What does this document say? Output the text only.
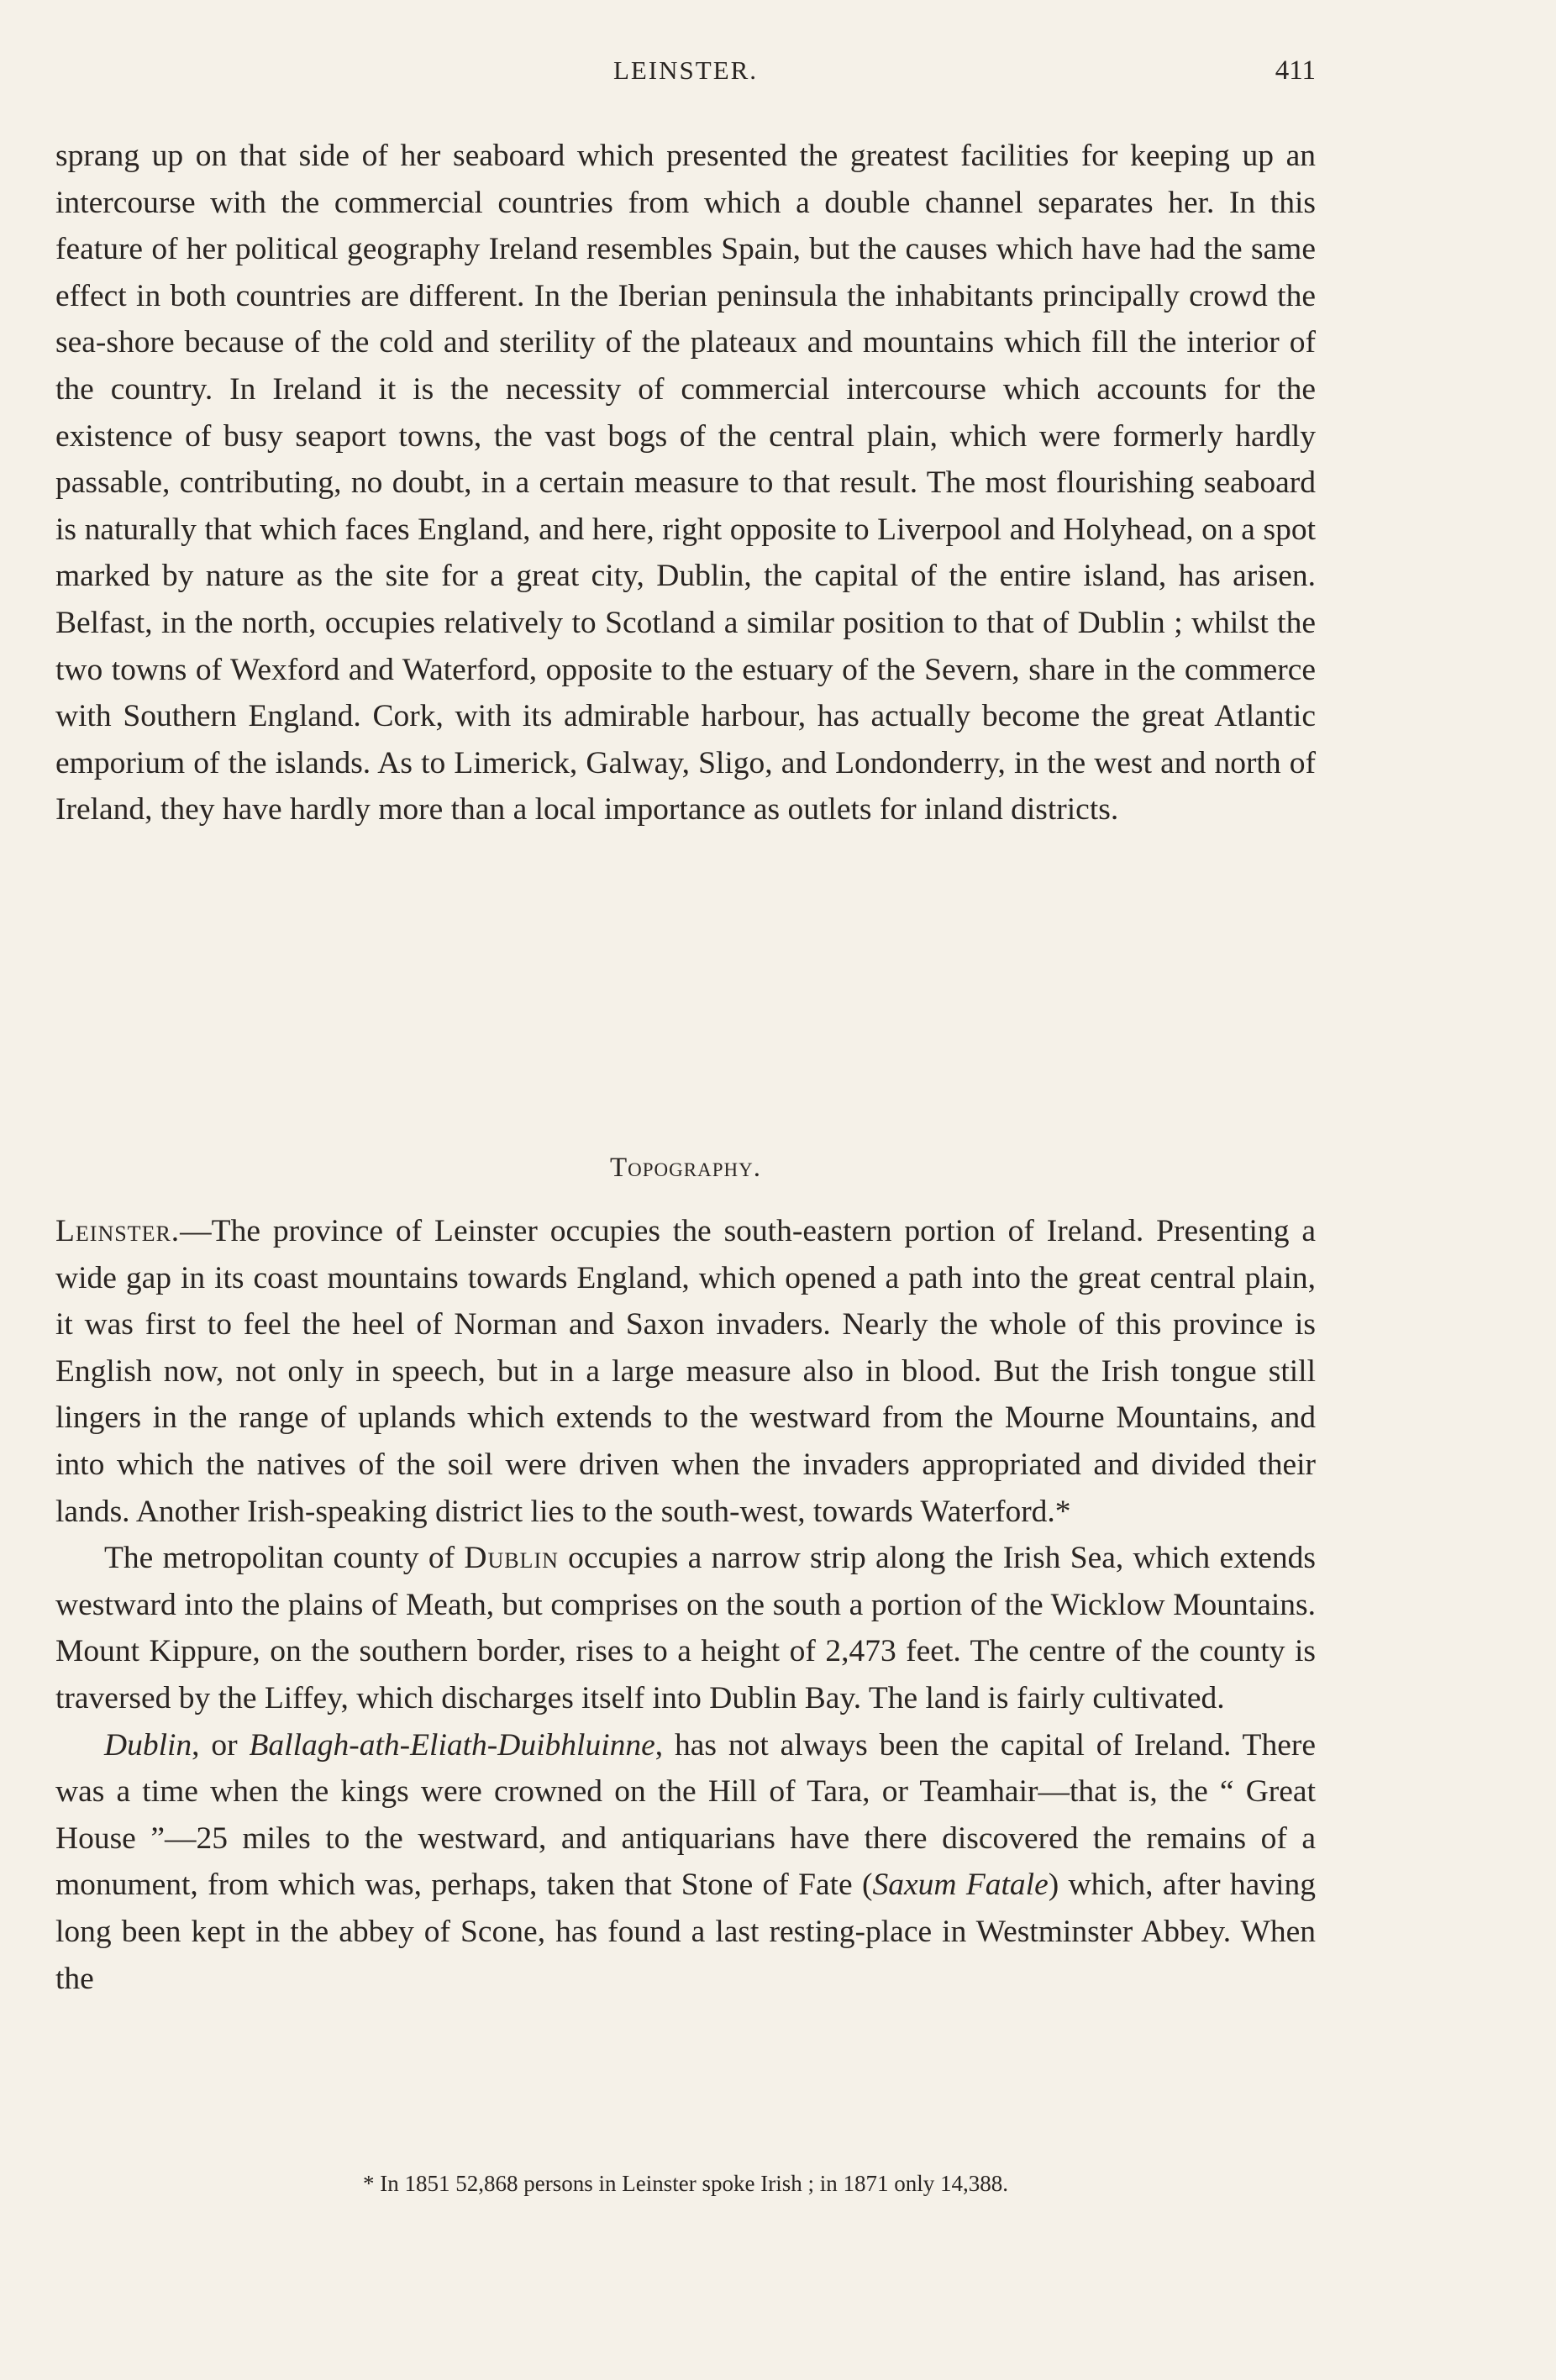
LEINSTER.	411

sprang up on that side of her seaboard which presented the greatest facilities for keeping up an intercourse with the commercial countries from which a double channel separates her. In this feature of her political geography Ireland resembles Spain, but the causes which have had the same effect in both countries are different. In the Iberian peninsula the inhabitants principally crowd the sea-shore because of the cold and sterility of the plateaux and mountains which fill the interior of the country. In Ireland it is the necessity of commercial intercourse which accounts for the existence of busy seaport towns, the vast bogs of the central plain, which were formerly hardly passable, contributing, no doubt, in a certain measure to that result. The most flourishing seaboard is naturally that which faces England, and here, right opposite to Liverpool and Holyhead, on a spot marked by nature as the site for a great city, Dublin, the capital of the entire island, has arisen. Belfast, in the north, occupies relatively to Scotland a similar position to that of Dublin ; whilst the two towns of Wexford and Waterford, opposite to the estuary of the Severn, share in the commerce with Southern England. Cork, with its admirable harbour, has actually become the great Atlantic emporium of the islands. As to Limerick, Galway, Sligo, and Londonderry, in the west and north of Ireland, they have hardly more than a local importance as outlets for inland districts.

Topography.

Leinster.—The province of Leinster occupies the south-eastern portion of Ireland. Presenting a wide gap in its coast mountains towards England, which opened a path into the great central plain, it was first to feel the heel of Norman and Saxon invaders. Nearly the whole of this province is English now, not only in speech, but in a large measure also in blood. But the Irish tongue still lingers in the range of uplands which extends to the westward from the Mourne Mountains, and into which the natives of the soil were driven when the invaders appropriated and divided their lands. Another Irish-speaking district lies to the south-west, towards Waterford.*

The metropolitan county of Dublin occupies a narrow strip along the Irish Sea, which extends westward into the plains of Meath, but comprises on the south a portion of the Wicklow Mountains. Mount Kippure, on the southern border, rises to a height of 2,473 feet. The centre of the county is traversed by the Liffey, which discharges itself into Dublin Bay. The land is fairly cultivated.

Dublin, or Ballagh-ath-Eliath-Duibhluinne, has not always been the capital of Ireland. There was a time when the kings were crowned on the Hill of Tara, or Teamhair—that is, the “ Great House ”—25 miles to the westward, and antiquarians have there discovered the remains of a monument, from which was, perhaps, taken that Stone of Fate (Saxum Fatale) which, after having long been kept in the abbey of Scone, has found a last resting-place in Westminster Abbey. When the

* In 1851 52,868 persons in Leinster spoke Irish ; in 1871 only 14,388.
